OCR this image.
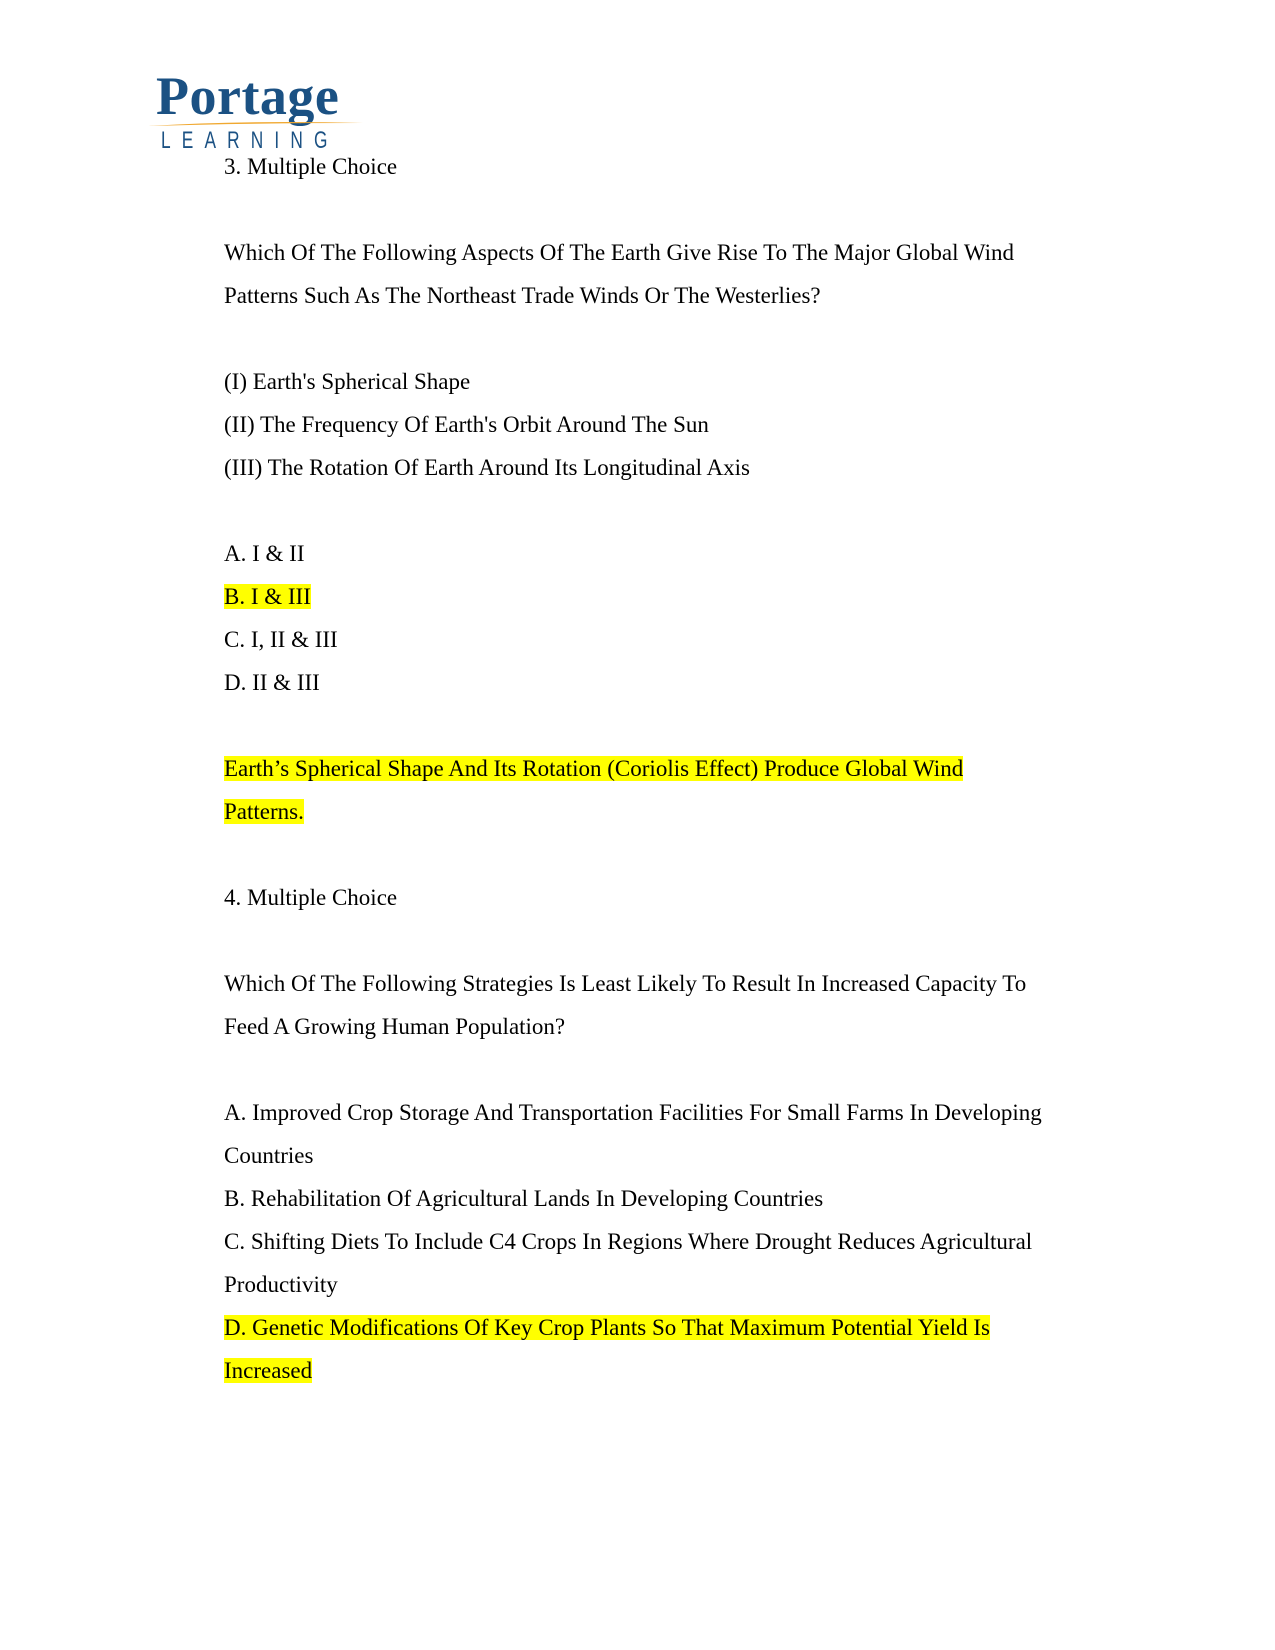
Portage
LEARNING
3. Multiple Choice
Which Of The Following Aspects Of The Earth Give Rise To The Major Global Wind
Patterns Such As The Northeast Trade Winds Or The Westerlies?
(I) Earth's Spherical Shape
(II) The Frequency Of Earth's Orbit Around The Sun
(III) The Rotation Of Earth Around Its Longitudinal Axis
A. I & II
B. I & III
C. I, II & III
D. II & III
Earth’s Spherical Shape And Its Rotation (Coriolis Effect) Produce Global Wind
Patterns.
4. Multiple Choice
Which Of The Following Strategies Is Least Likely To Result In Increased Capacity To
Feed A Growing Human Population?
A. Improved Crop Storage And Transportation Facilities For Small Farms In Developing
Countries
B. Rehabilitation Of Agricultural Lands In Developing Countries
C. Shifting Diets To Include C4 Crops In Regions Where Drought Reduces Agricultural
Productivity
D. Genetic Modifications Of Key Crop Plants So That Maximum Potential Yield Is
Increased
